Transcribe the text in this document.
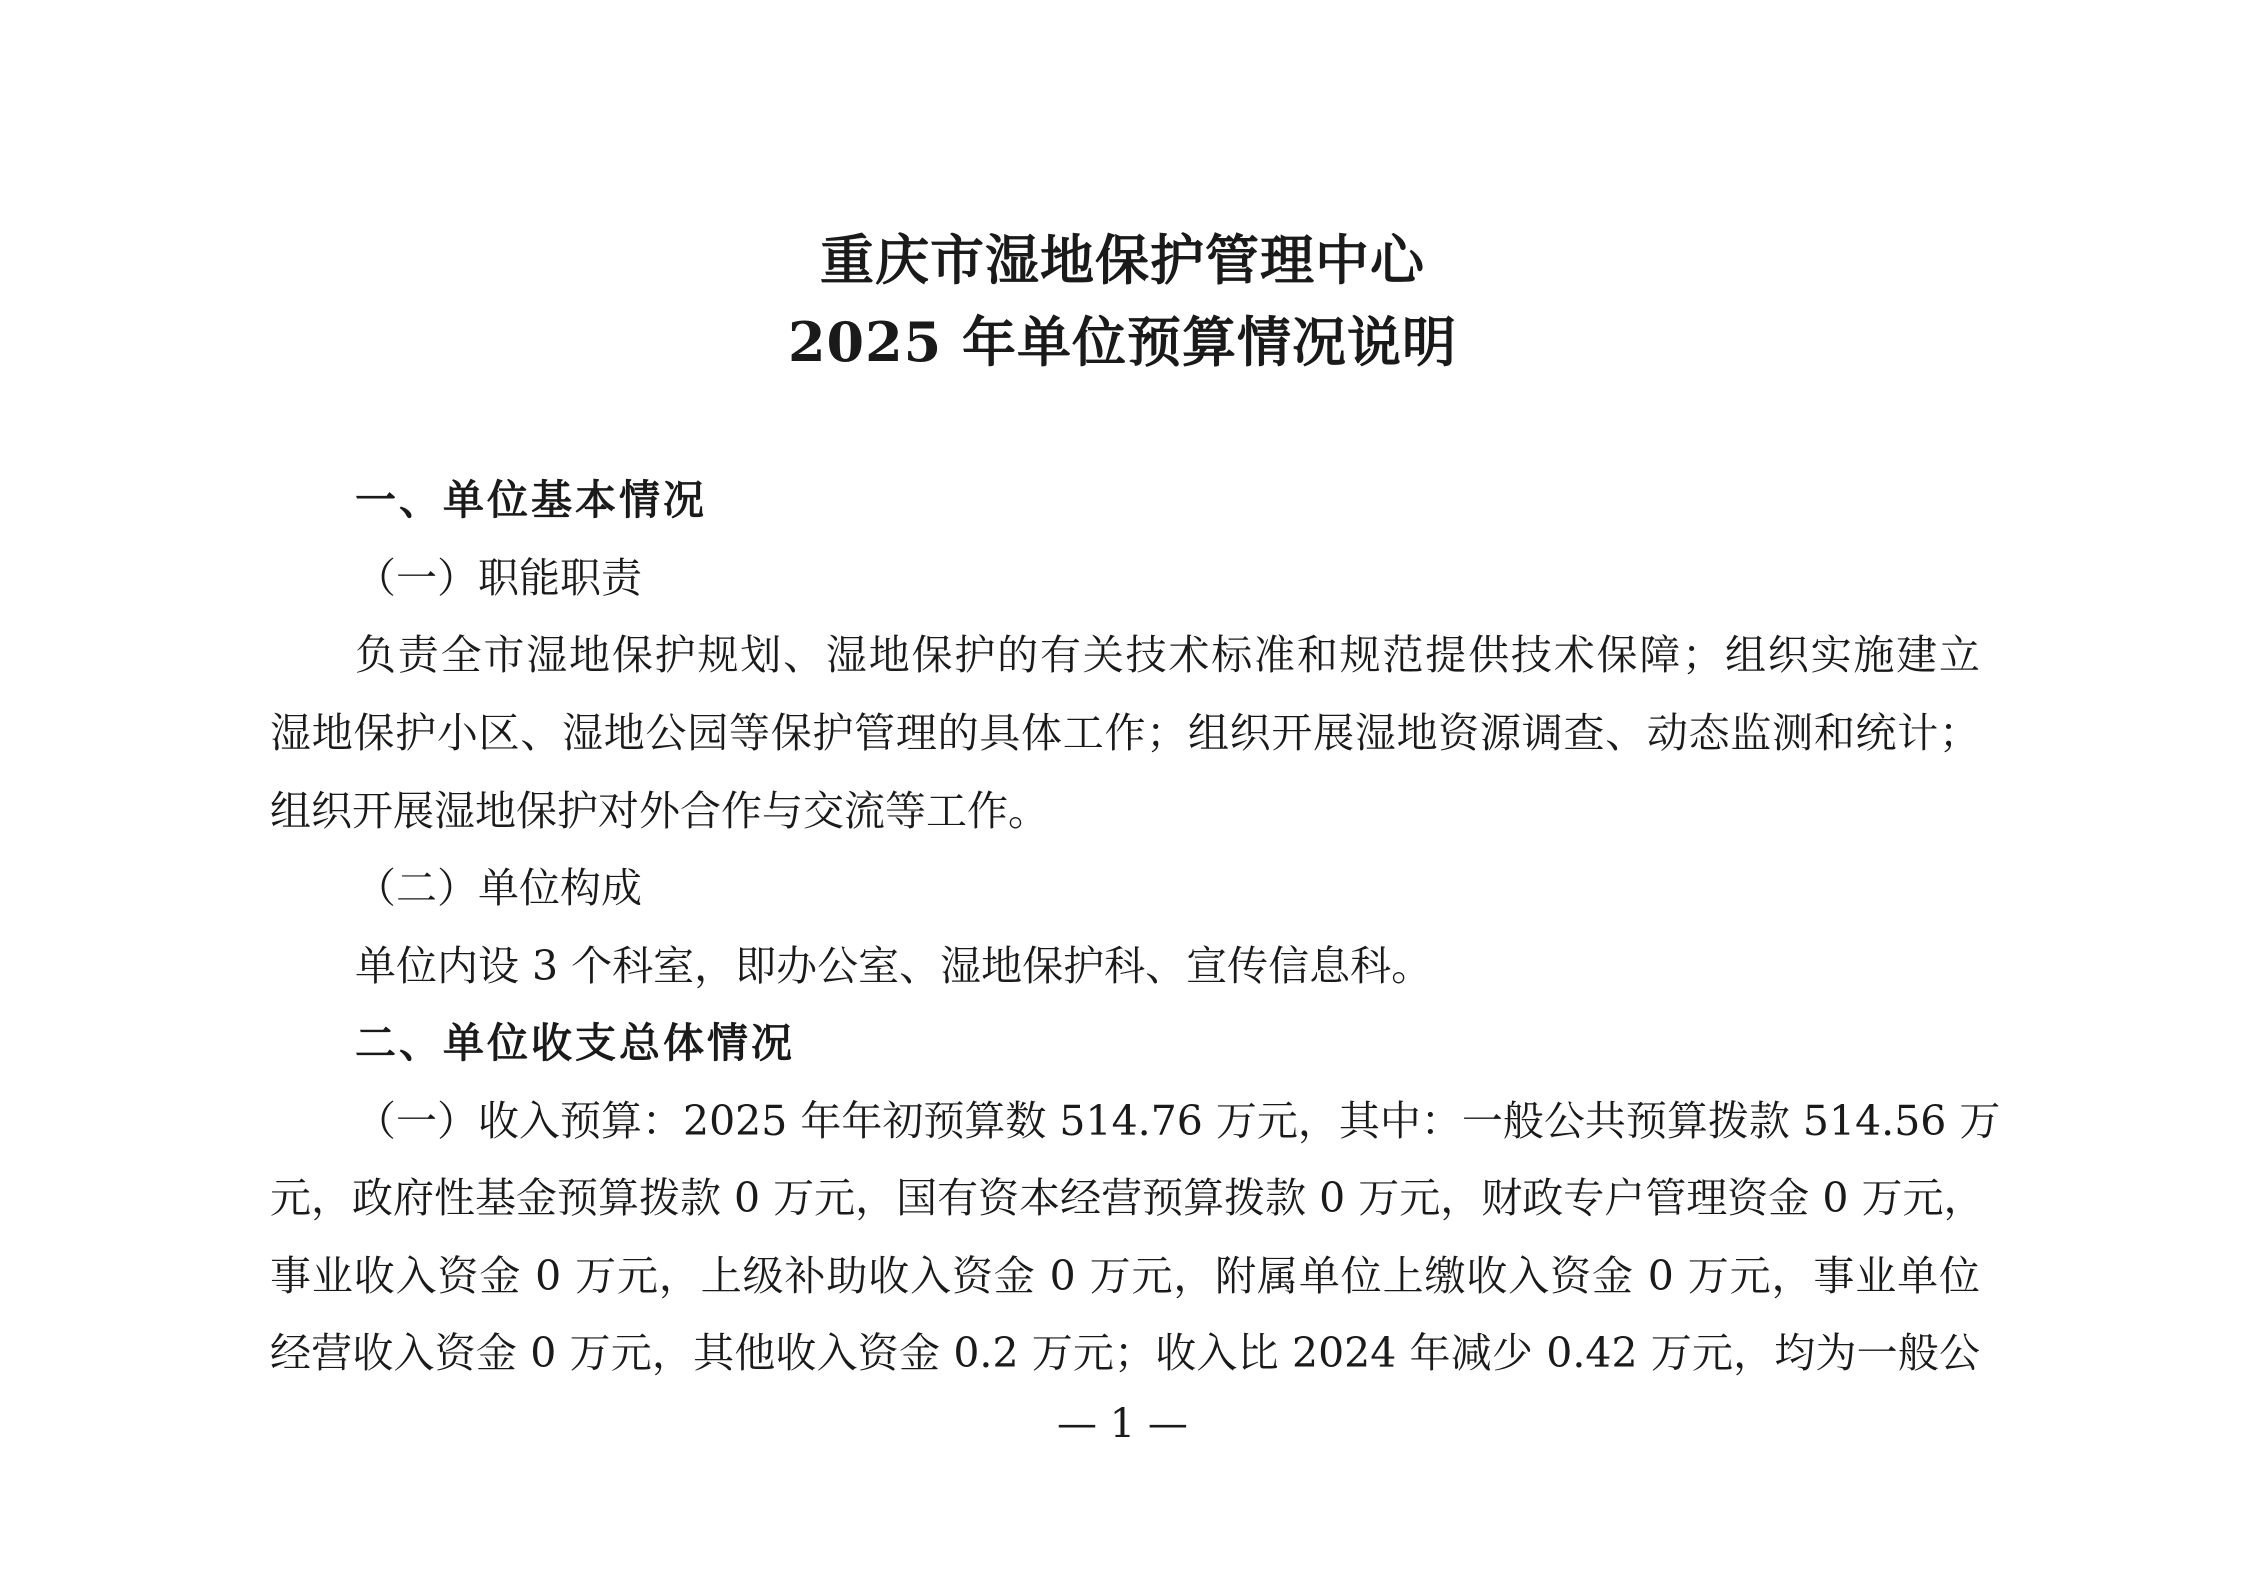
重庆市湿地保护管理中心
2025 年单位预算情况说明
一、单位基本情况
（一）职能职责
负责全市湿地保护规划、湿地保护的有关技术标准和规范提供技术保障；组织实施建立
湿地保护小区、湿地公园等保护管理的具体工作；组织开展湿地资源调查、动态监测和统计；
组织开展湿地保护对外合作与交流等工作。
（二）单位构成
单位内设 3 个科室，即办公室、湿地保护科、宣传信息科。
二、单位收支总体情况
（一）收入预算：2025 年年初预算数 514.76 万元，其中：一般公共预算拨款 514.56 万
元，政府性基金预算拨款 0 万元，国有资本经营预算拨款 0 万元，财政专户管理资金 0 万元，
事业收入资金 0 万元，上级补助收入资金 0 万元，附属单位上缴收入资金 0 万元，事业单位
经营收入资金 0 万元，其他收入资金 0.2 万元；收入比 2024 年减少 0.42 万元，均为一般公
— 1 —
